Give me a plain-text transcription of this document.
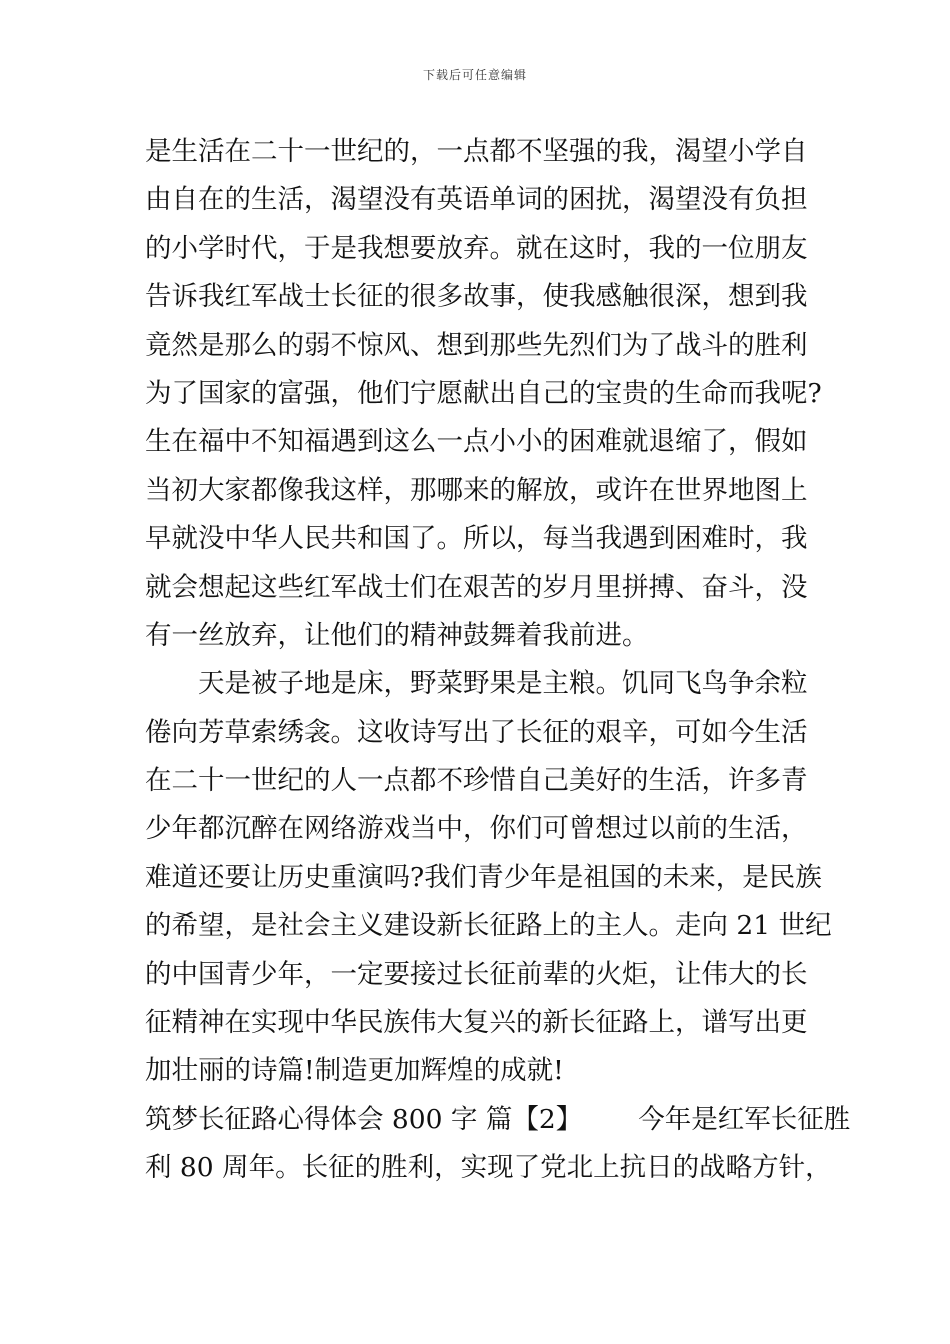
下载后可任意编辑
是生活在二十一世纪的，一点都不坚强的我，渴望小学自
由自在的生活，渴望没有英语单词的困扰，渴望没有负担
的小学时代，于是我想要放弃。就在这时，我的一位朋友
告诉我红军战士长征的很多故事，使我感触很深，想到我
竟然是那么的弱不惊风、想到那些先烈们为了战斗的胜利
为了国家的富强，他们宁愿献出自己的宝贵的生命而我呢?
生在福中不知福遇到这么一点小小的困难就退缩了，假如
当初大家都像我这样，那哪来的解放，或许在世界地图上
早就没中华人民共和国了。所以，每当我遇到困难时，我
就会想起这些红军战士们在艰苦的岁月里拼搏、奋斗，没
有一丝放弃，让他们的精神鼓舞着我前进。
天是被子地是床，野菜野果是主粮。饥同飞鸟争余粒
倦向芳草索绣衾。这收诗写出了长征的艰辛，可如今生活
在二十一世纪的人一点都不珍惜自己美好的生活，许多青
少年都沉醉在网络游戏当中，你们可曾想过以前的生活，
难道还要让历史重演吗?我们青少年是祖国的未来，是民族
的希望，是社会主义建设新长征路上的主人。走向 21 世纪
的中国青少年，一定要接过长征前辈的火炬，让伟大的长
征精神在实现中华民族伟大复兴的新长征路上，谱写出更
加壮丽的诗篇!制造更加辉煌的成就!
筑梦长征路心得体会 800 字 篇【2】 今年是红军长征胜
利 80 周年。长征的胜利，实现了党北上抗日的战略方针，
